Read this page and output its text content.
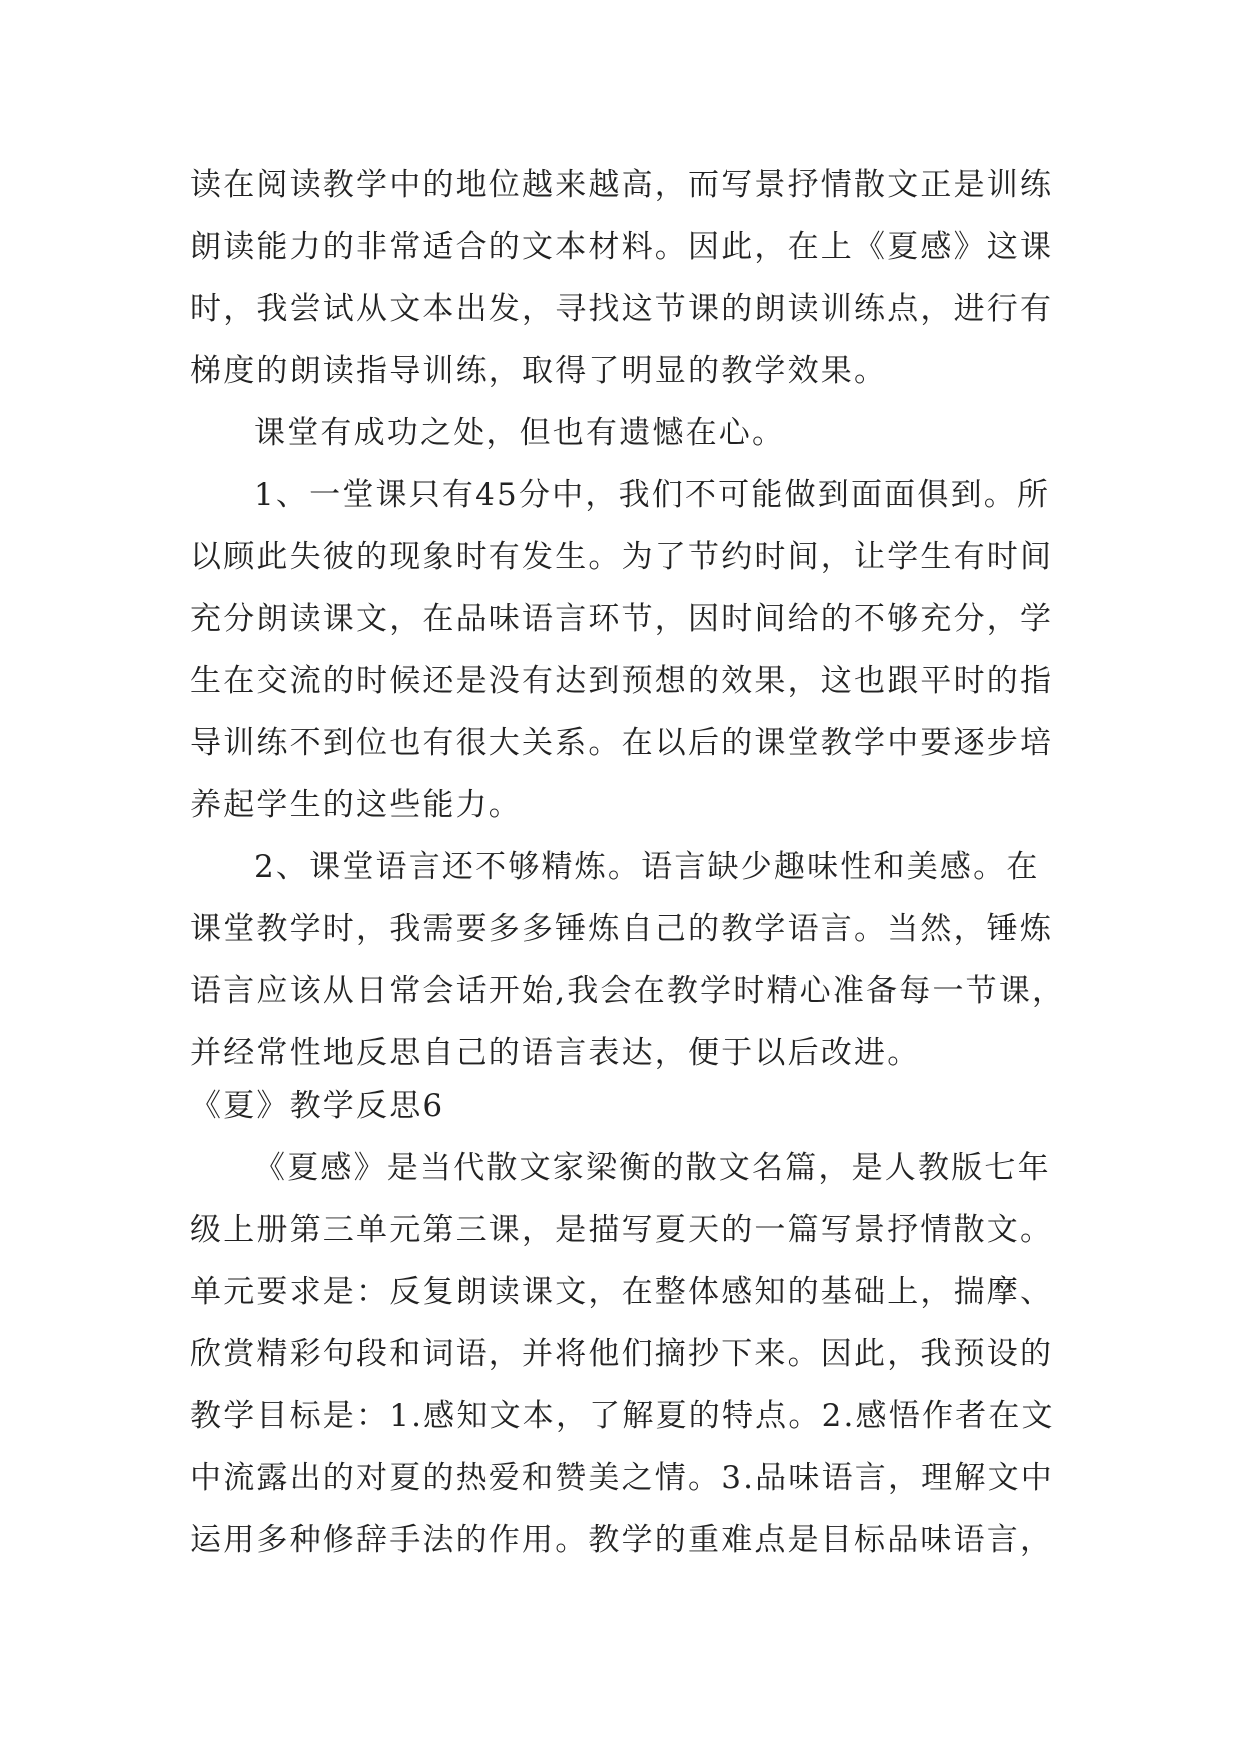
读在阅读教学中的地位越来越高，而写景抒情散文正是训练
朗读能力的非常适合的文本材料。因此，在上《夏感》这课
时，我尝试从文本出发，寻找这节课的朗读训练点，进行有
梯度的朗读指导训练，取得了明显的教学效果。
课堂有成功之处，但也有遗憾在心。
1、一堂课只有45分中，我们不可能做到面面俱到。所
以顾此失彼的现象时有发生。为了节约时间，让学生有时间
充分朗读课文，在品味语言环节，因时间给的不够充分，学
生在交流的时候还是没有达到预想的效果，这也跟平时的指
导训练不到位也有很大关系。在以后的课堂教学中要逐步培
养起学生的这些能力。
2、课堂语言还不够精炼。语言缺少趣味性和美感。在
课堂教学时，我需要多多锤炼自己的教学语言。当然，锤炼
语言应该从日常会话开始,我会在教学时精心准备每一节课，
并经常性地反思自己的语言表达，便于以后改进。
《夏》教学反思6
《夏感》是当代散文家梁衡的散文名篇，是人教版七年
级上册第三单元第三课，是描写夏天的一篇写景抒情散文。
单元要求是：反复朗读课文，在整体感知的基础上，揣摩、
欣赏精彩句段和词语，并将他们摘抄下来。因此，我预设的
教学目标是：1.感知文本，了解夏的特点。2.感悟作者在文
中流露出的对夏的热爱和赞美之情。3.品味语言，理解文中
运用多种修辞手法的作用。教学的重难点是目标品味语言，
